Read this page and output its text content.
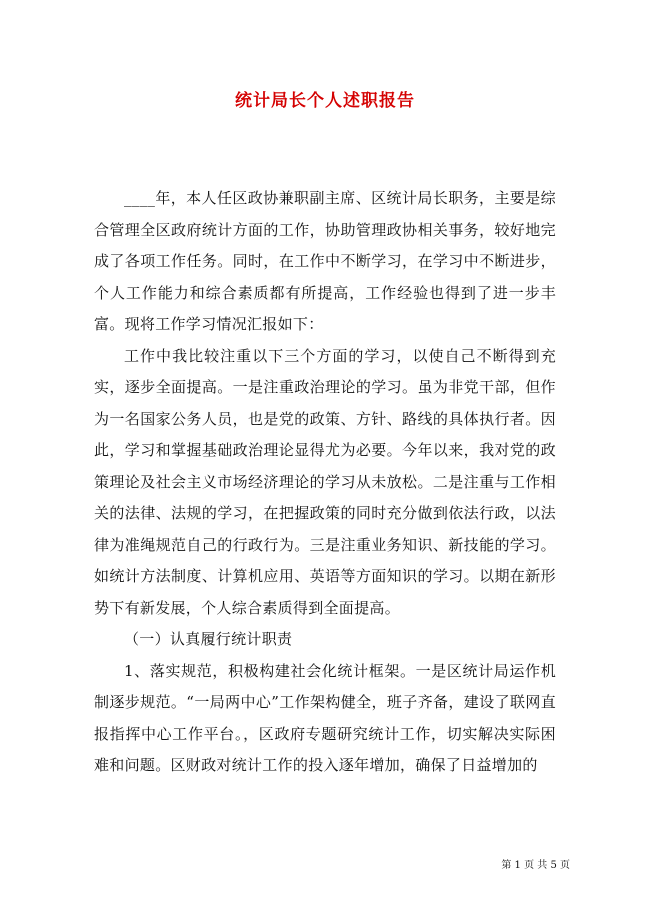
统计局长个人述职报告

____年，本人任区政协兼职副主席、区统计局长职务，主要是综合管理全区政府统计方面的工作，协助管理政协相关事务，较好地完成了各项工作任务。同时，在工作中不断学习，在学习中不断进步，个人工作能力和综合素质都有所提高，工作经验也得到了进一步丰富。现将工作学习情况汇报如下：

工作中我比较注重以下三个方面的学习，以使自己不断得到充实，逐步全面提高。一是注重政治理论的学习。虽为非党干部，但作为一名国家公务人员，也是党的政策、方针、路线的具体执行者。因此，学习和掌握基础政治理论显得尤为必要。今年以来，我对党的政策理论及社会主义市场经济理论的学习从未放松。二是注重与工作相关的法律、法规的学习，在把握政策的同时充分做到依法行政，以法律为准绳规范自己的行政行为。三是注重业务知识、新技能的学习。如统计方法制度、计算机应用、英语等方面知识的学习。以期在新形势下有新发展，个人综合素质得到全面提高。

（一）认真履行统计职责

1、落实规范，积极构建社会化统计框架。一是区统计局运作机制逐步规范。“一局两中心”工作架构健全，班子齐备，建设了联网直报指挥中心工作平台。，区政府专题研究统计工作，切实解决实际困难和问题。区财政对统计工作的投入逐年增加，确保了日益增加的

第 1 页 共 5 页
